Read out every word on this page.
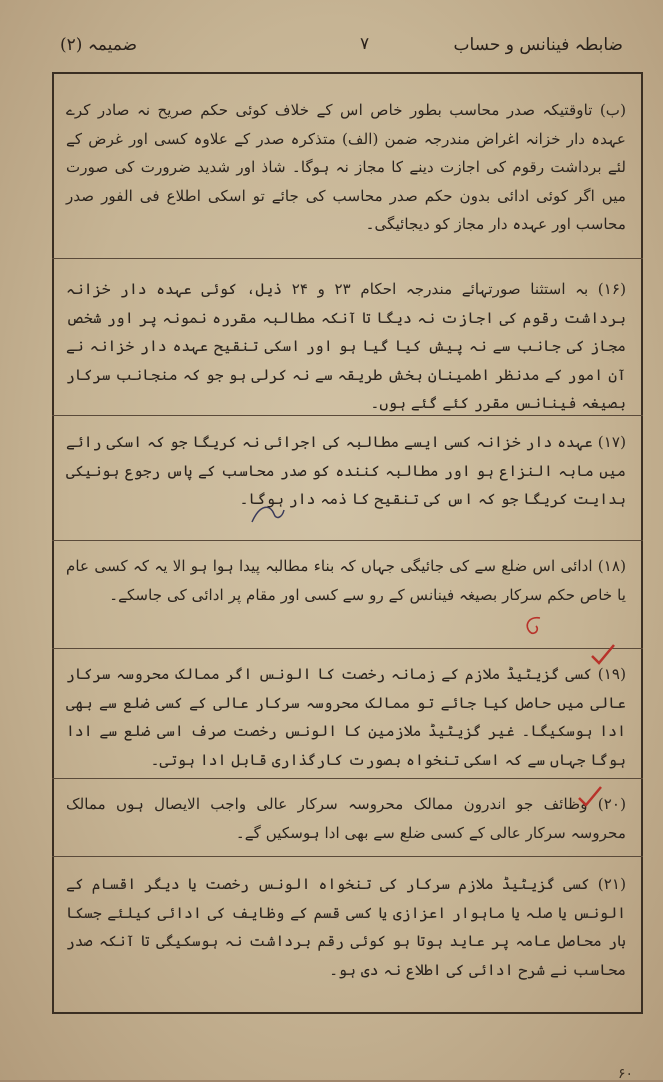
ضابطہ فینانس و حساب
۷
ضمیمہ (۲)
(ب) تاوقتیکہ صدر محاسب بطور خاص اس کے خلاف کوئی حکم صریح نہ صادر کرے عہدہ دار خزانہ اغراض مندرجہ ضمن (الف) متذکرہ صدر کے علاوہ کسی اور غرض کے لئے برداشت رقوم کی اجازت دینے کا مجاز نہ ہوگا۔ شاذ اور شدید ضرورت کی صورت میں اگر کوئی ادائی بدون حکم صدر محاسب کی جائے تو اسکی اطلاع فی الفور صدر محاسب اور عہدہ دار مجاز کو دیجائیگی۔
(۱۶) بہ استثنا صورتہائے مندرجہ احکام ۲۳ و ۲۴ ذیل، کوئی عہدہ دار خزانہ برداشت رقوم کی اجازت نہ دیگا تا آنکہ مطالبہ مقررہ نمونہ پر اور شخص مجاز کی جانب سے نہ پیش کیا گیا ہو اور اسکی تنقیح عہدہ دار خزانہ نے آن امور کے مدنظر اطمینان بخش طریقہ سے نہ کرلی ہو جو کہ منجانب سرکار بصیغہ فینانس مقرر کئے گئے ہوں۔
(۱۷) عہدہ دار خزانہ کسی ایسے مطالبہ کی اجرائی نہ کریگا جو کہ اسکی رائے میں مابہ النزاع ہو اور مطالبہ کنندہ کو صدر محاسب کے پاس رجوع ہونیکی ہدایت کریگا جو کہ اس کی تنقیح کا ذمہ دار ہوگا۔
(۱۸) ادائی اس ضلع سے کی جائیگی جہاں کہ بناء مطالبہ پیدا ہوا ہو الا یہ کہ کسی عام یا خاص حکم سرکار بصیغہ فینانس کے رو سے کسی اور مقام پر ادائی کی جاسکے۔
(۱۹) کسی گزیٹیڈ ملازم کے زمانہ رخصت کا الونس اگر ممالک محروسہ سرکار عالی میں حاصل کیا جائے تو ممالک محروسہ سرکار عالی کے کسی ضلع سے بھی ادا ہوسکیگا۔ غیر گزیٹیڈ ملازمین کا الونس رخصت صرف اسی ضلع سے ادا ہوگا جہاں سے کہ اسکی تنخواہ بصورت کارگذاری قابل ادا ہوتی۔
(۲۰) وظائف جو اندرون ممالک محروسہ سرکار عالی واجب الایصال ہوں ممالک محروسہ سرکار عالی کے کسی ضلع سے بھی ادا ہوسکیں گے۔
(۲۱) کسی گزیٹیڈ ملازم سرکار کی تنخواہ الونس رخصت یا دیگر اقسام کے الونس یا صلہ یا ماہوار اعزازی یا کسی قسم کے وظایف کی ادائی کیلئے جسکا بار محاصل عامہ پر عاید ہوتا ہو کوئی رقم برداشت نہ ہوسکیگی تا آنکہ صدر محاسب نے شرح ادائی کی اطلاع نہ دی ہو۔
۶۰
